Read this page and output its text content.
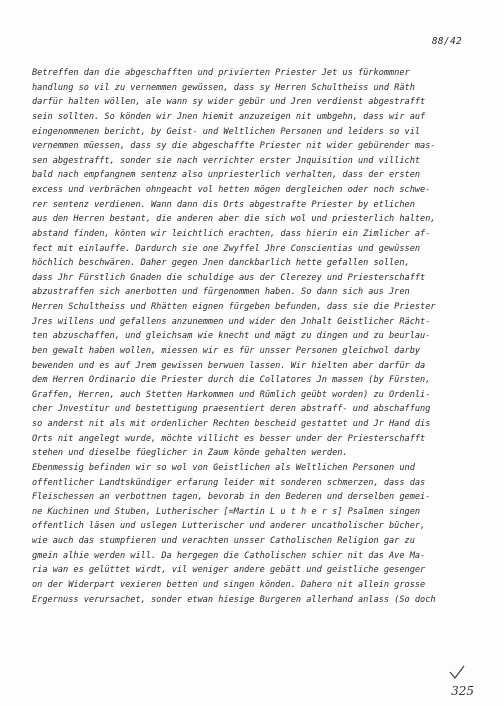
88/42
Betreffen dan die abgeschafften und privierten Priester Jet us fürkommner
handlung so vil zu vernemmen gewüssen, dass sy Herren Schultheiss und Räth
darfür halten wöllen, ale wann sy wider gebür und Jren verdienst abgestrafft
sein sollten. So könden wir Jnen hiemit anzuzeigen nit umbgehn, dass wir auf
eingenommenen bericht, by Geist- und Weltlichen Personen und leiders so vil
vernemmen müessen, dass sy die abgeschaffte Priester nit wider gebürender mas-
sen abgestrafft, sonder sie nach verrichter erster Jnquisition und villicht
bald nach empfangnem sentenz also unpriesterlich verhalten, dass der ersten
excess und verbrächen ohngeacht vol hetten mögen dergleichen oder noch schwe-
rer sentenz verdienen. Wann dann dis Orts abgestrafte Priester by etlichen
aus den Herren bestant, die anderen aber die sich wol und priesterlich halten,
abstand finden, könten wir leichtlich erachten, dass hierin ein Zimlicher af-
fect mit einlauffe. Dardurch sie one Zwyffel Jhre Conscientias und gewüssen
höchlich beschwären. Daher gegen Jnen danckbarlich hette gefallen sollen,
dass Jhr Fürstlich Gnaden die schuldige aus der Clerezey und Priesterschafft
abzustraffen sich anerbotten und fürgenommen haben. So dann sich aus Jren
Herren Schultheiss und Rhätten eignen fürgeben befunden, dass sie die Priester
Jres willens und gefallens anzunemmen und wider den Jnhalt Geistlicher Rächt-
ten abzuschaffen, und gleichsam wie knecht und mägt zu dingen und zu beurlau-
ben gewalt haben wollen, miessen wir es für unsser Personen gleichwol darby
bewenden und es auf Jrem gewissen berwuen lassen. Wir hielten aber darfür da
dem Herren Ordinario die Priester durch die Collatores Jn massen (by Fürsten,
Graffen, Herren, auch Stetten Harkommen und Rümlich geübt worden) zu Ordenli-
cher Jnvestitur und bestettigung praesentiert deren abstraff- und abschaffung
so anderst nit als mit ordenlicher Rechten bescheid gestattet und Jr Hand dis
Orts nit angelegt wurde, möchte villicht es besser under der Priesterschafft
stehen und dieselbe füeglicher in Zaum könde gehalten werden.
Ebenmessig befinden wir so wol von Geistlichen als Weltlichen Personen und
offentlicher Landtskündiger erfarung leider mit sonderen schmerzen, dass das
Fleischessen an verbottnen tagen, bevorab in den Bederen und derselben gemei-
ne Kuchinen und Stuben, Lutherischer [=Martin L u t h e r s] Psalmen singen
offentlich läsen und uslegen Lutterischer und anderer uncatholischer bücher,
wie auch das stumpfieren und verachten unsser Catholischen Religion gar zu
gmein alhie werden will. Da hergegen die Catholischen schier nit das Ave Ma-
ria wan es gelüttet wirdt, vil weniger andere gebätt und geistliche gesenger
on der Widerpart vexieren betten und singen könden. Dahero nit allein grosse
Ergernuss verursachet, sonder etwan hiesige Burgeren allerhand anlass (So doch
325
